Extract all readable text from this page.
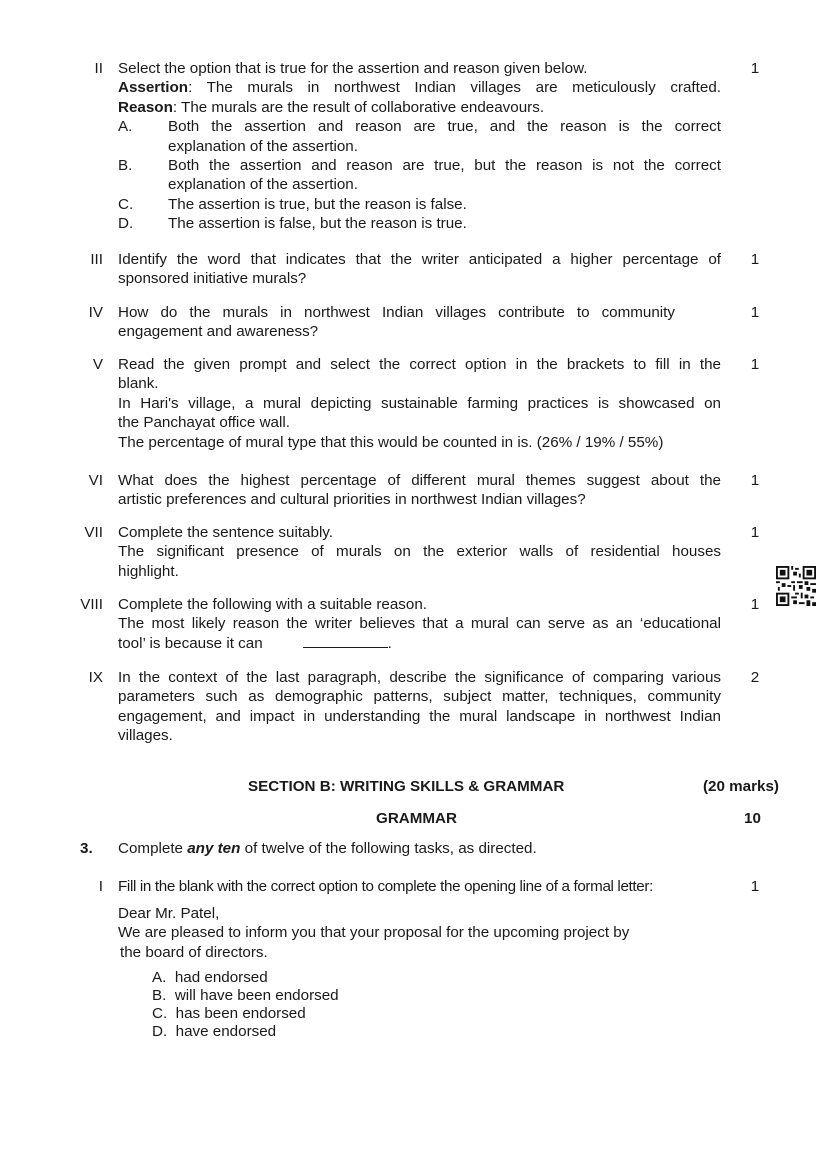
II	1
Select the option that is true for the assertion and reason given below.
Assertion: The murals in northwest Indian villages are meticulously crafted.
Reason: The murals are the result of collaborative endeavours.
A. Both the assertion and reason are true, and the reason is the correct
explanation of the assertion.
B. Both the assertion and reason are true, but the reason is not the correct
explanation of the assertion.
C. The assertion is true, but the reason is false.
D. The assertion is false, but the reason is true.
III	1
Identify the word that indicates that the writer anticipated a higher percentage of
sponsored initiative murals?
IV	1
How do the murals in northwest Indian villages contribute to community
engagement and awareness?
V	1
Read the given prompt and select the correct option in the brackets to fill in the
blank.
In Hari's village, a mural depicting sustainable farming practices is showcased on
the Panchayat office wall.
The percentage of mural type that this would be counted in is. (26% / 19% / 55%)
VI	1
What does the highest percentage of different mural themes suggest about the
artistic preferences and cultural priorities in northwest Indian villages?
VII	1
Complete the sentence suitably.
The significant presence of murals on the exterior walls of residential houses
highlight.
VIII	1
Complete the following with a suitable reason.
The most likely reason the writer believes that a mural can serve as an ‘educational
tool’ is because it can	.
IX	2
In the context of the last paragraph, describe the significance of comparing various
parameters such as demographic patterns, subject matter, techniques, community
engagement, and impact in understanding the mural landscape in northwest Indian
villages.
SECTION B: WRITING SKILLS & GRAMMAR	(20 marks)
GRAMMAR	10
3. Complete any ten of twelve of the following tasks, as directed.
I	1
Fill in the blank with the correct option to complete the opening line of a formal letter:
Dear Mr. Patel,
We are pleased to inform you that your proposal for the upcoming project by
the board of directors.
A. had endorsed
B. will have been endorsed
C. has been endorsed
D. have endorsed
